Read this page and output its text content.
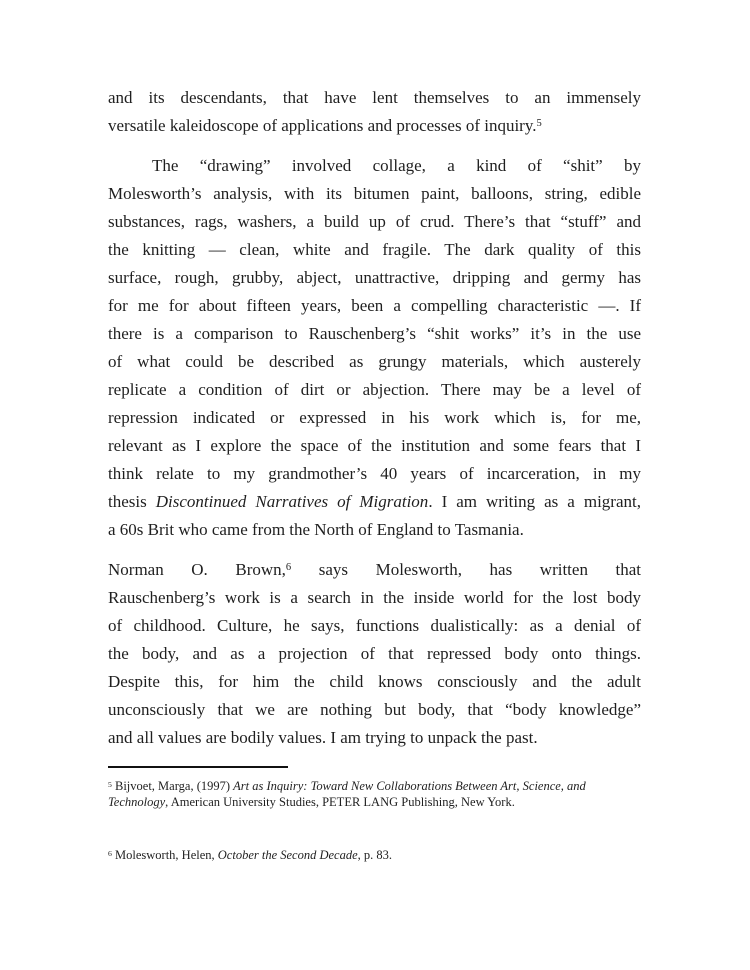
and its descendants, that have lent themselves to an immensely
versatile kaleidoscope of applications and processes of inquiry.$^5$
The “drawing” involved collage, a kind of “shit” by
Molesworth’s analysis, with its bitumen paint, balloons, string, edible
substances, rags, washers, a build up of crud. There’s that “stuff” and
the knitting — clean, white and fragile. The dark quality of this
surface, rough, grubby, abject, unattractive, dripping and germy has
for me for about fifteen years, been a compelling characteristic —. If
there is a comparison to Rauschenberg’s “shit works” it’s in the use
of what could be described as grungy materials, which austerely
replicate a condition of dirt or abjection. There may be a level of
repression indicated or expressed in his work which is, for me,
relevant as I explore the space of the institution and some fears that I
think relate to my grandmother’s 40 years of incarceration, in my
thesis Discontinued Narratives of Migration. I am writing as a migrant,
a 60s Brit who came from the North of England to Tasmania.
Norman O. Brown,$^6$ says Molesworth, has written that
Rauschenberg’s work is a search in the inside world for the lost body
of childhood. Culture, he says, functions dualistically: as a denial of
the body, and as a projection of that repressed body onto things.
Despite this, for him the child knows consciously and the adult
unconsciously that we are nothing but body, that “body knowledge”
and all values are bodily values. I am trying to unpack the past.
$^5$ Bijvoet, Marga, (1997) Art as Inquiry: Toward New Collaborations Between Art, Science, and Technology, American University Studies, PETER LANG Publishing, New York.
$^6$ Molesworth, Helen, October the Second Decade, p. 83.
